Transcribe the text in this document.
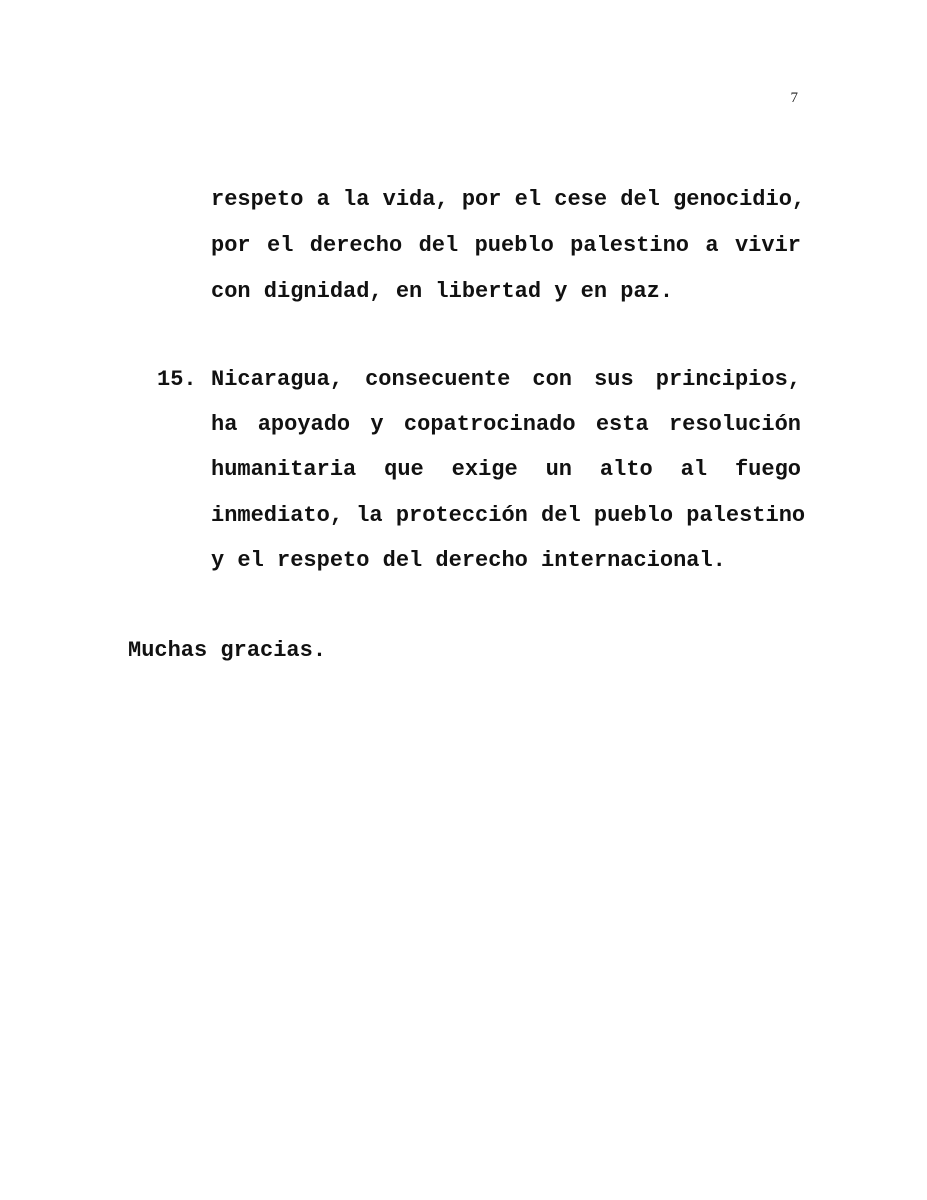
7
respeto a la vida, por el cese del genocidio,
por el derecho del pueblo palestino a vivir
con dignidad, en libertad y en paz.
15. Nicaragua, consecuente con sus principios,
ha apoyado y copatrocinado esta resolución
humanitaria que exige un alto al fuego
inmediato, la protección del pueblo palestino
y el respeto del derecho internacional.
Muchas gracias.
